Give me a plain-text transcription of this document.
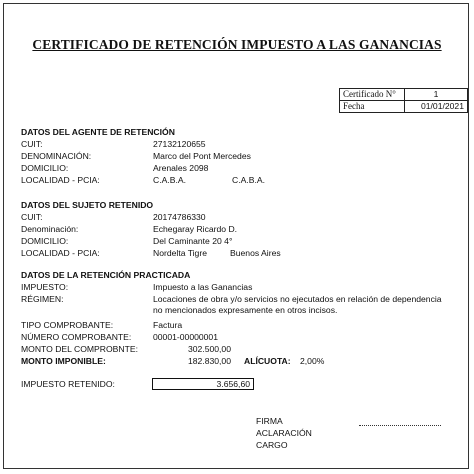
CERTIFICADO DE RETENCIÓN IMPUESTO A LAS GANANCIAS
Certificado N°	1
Fecha	01/01/2021
DATOS DEL AGENTE DE RETENCIÓN
CUIT:	27132120655
DENOMINACIÓN:	Marco del Pont Mercedes
DOMICILIO:	Arenales 2098
LOCALIDAD - PCIA:	C.A.B.A.	C.A.B.A.
DATOS DEL SUJETO RETENIDO
CUIT:	20174786330
Denominación:	Echegaray Ricardo D.
DOMICILIO:	Del Caminante 20 4°
LOCALIDAD - PCIA:	Nordelta Tigre	Buenos Aires
DATOS DE LA RETENCIÓN PRACTICADA
IMPUESTO:	Impuesto a las Ganancias
RÉGIMEN:	Locaciones de obra y/o servicios no ejecutados en relación de dependencia no mencionados expresamente en otros incisos.
TIPO COMPROBANTE:	Factura
NÚMERO COMPROBANTE:	00001-00000001
MONTO DEL COMPROBNTE:	302.500,00
MONTO IMPONIBLE:	182.830,00 ALÍCUOTA: 2,00%
IMPUESTO RETENIDO:	3.656,60
FIRMA
ACLARACIÓN
CARGO
